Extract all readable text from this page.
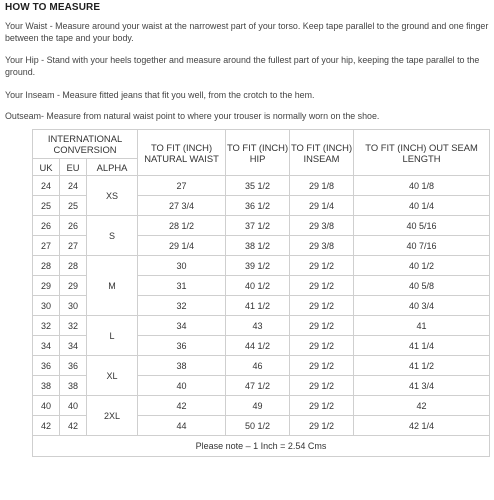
HOW TO MEASURE
Your Waist - Measure around your waist at the narrowest part of your torso. Keep tape parallel to the ground and one finger between the tape and your body.
Your Hip - Stand with your heels together and measure around the fullest part of your hip, keeping the tape parallel to the ground.
Your Inseam - Measure fitted jeans that fit you well, from the crotch to the hem.
Outseam- Measure from natural waist point to where your trouser is normally worn on the shoe.
INTERNATIONAL CONVERSION			TO FIT (INCH) NATURAL WAIST	TO FIT (INCH) HIP	TO FIT (INCH) INSEAM	TO FIT (INCH) OUT SEAM LENGTH
UK	EU	ALPHA				
24	24	XS	27	35 1/2	29 1/8	40 1/8
25	25		27 3/4	36 1/2	29 1/4	40 1/4
26	26	S	28 1/2	37 1/2	29 3/8	40 5/16
27	27		29 1/4	38 1/2	29 3/8	40 7/16
28	28	M	30	39 1/2	29 1/2	40 1/2
29	29		31	40 1/2	29 1/2	40 5/8
30	30		32	41 1/2	29 1/2	40 3/4
32	32	L	34	43	29 1/2	41
34	34		36	44 1/2	29 1/2	41 1/4
36	36	XL	38	46	29 1/2	41 1/2
38	38		40	47 1/2	29 1/2	41 3/4
40	40	2XL	42	49	29 1/2	42
42	42		44	50 1/2	29 1/2	42 1/4
Please note – 1 Inch = 2.54 Cms						
